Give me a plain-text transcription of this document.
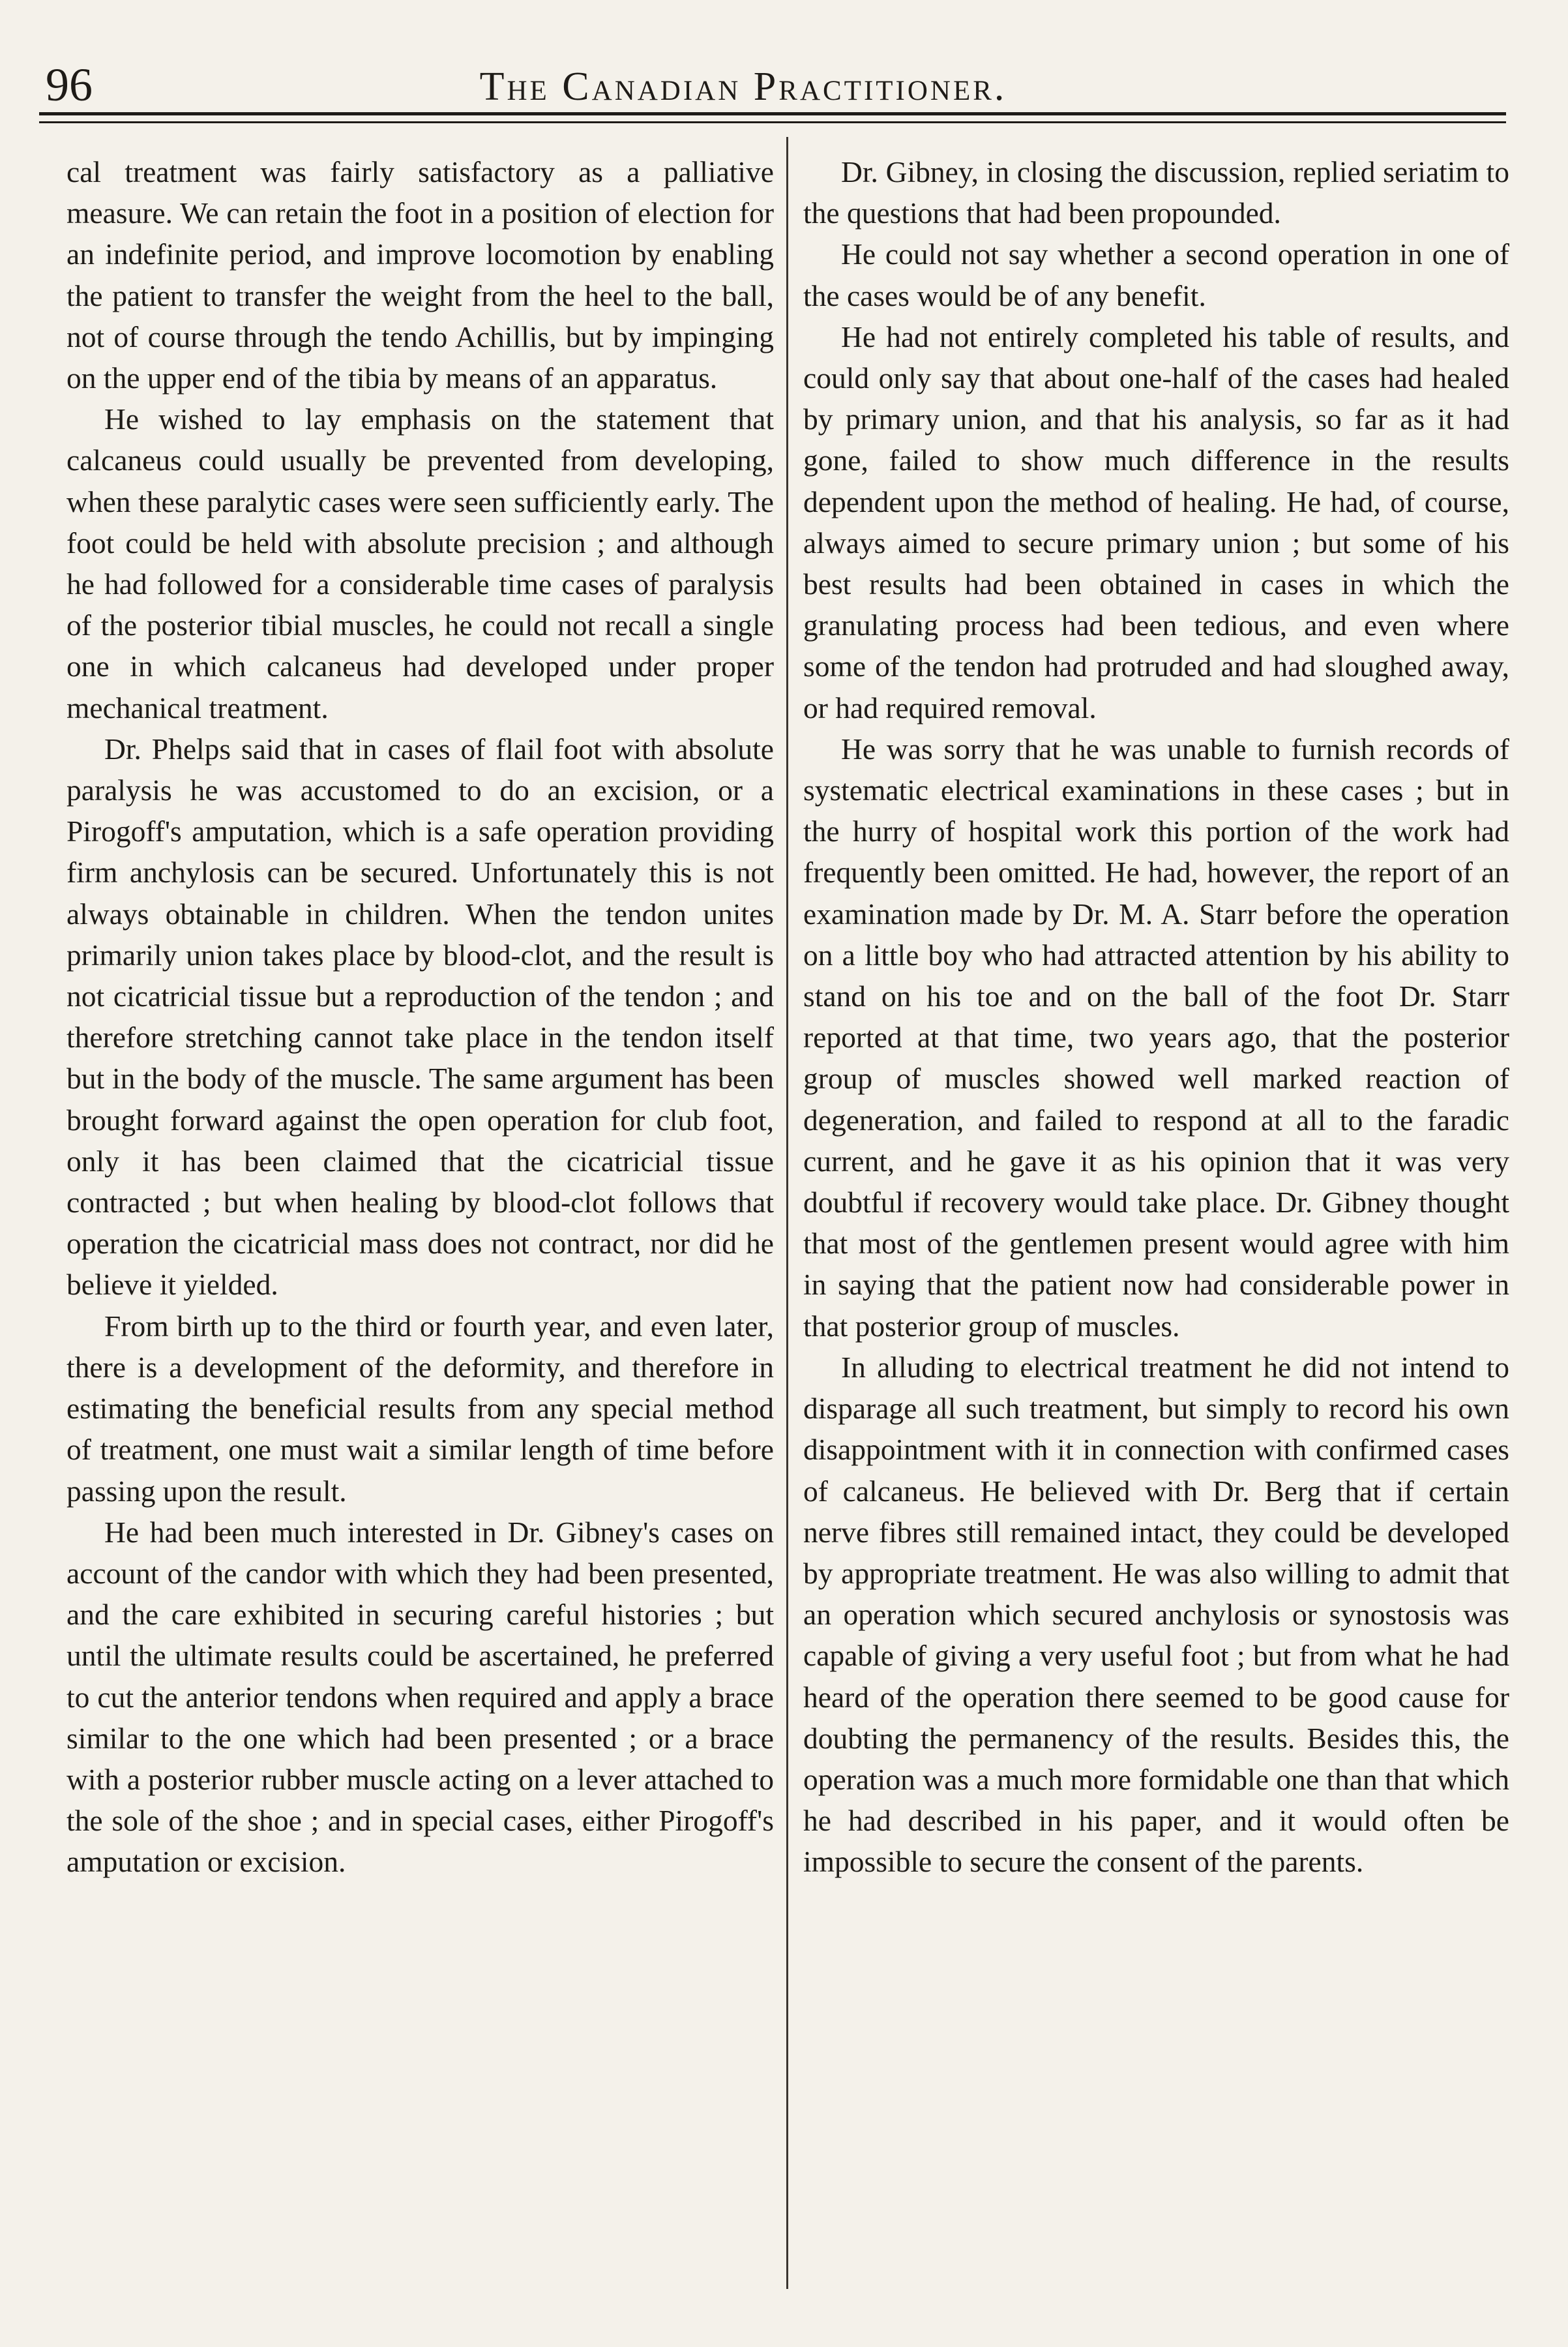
96	The Canadian Practitioner.

cal treatment was fairly satisfactory as a palliative measure. We can retain the foot in a position of election for an indefinite period, and improve locomotion by enabling the patient to transfer the weight from the heel to the ball, not of course through the tendo Achillis, but by impinging on the upper end of the tibia by means of an apparatus.

He wished to lay emphasis on the statement that calcaneus could usually be prevented from developing, when these paralytic cases were seen sufficiently early. The foot could be held with absolute precision ; and although he had followed for a considerable time cases of paralysis of the posterior tibial muscles, he could not recall a single one in which calcaneus had developed under proper mechanical treatment.

Dr. Phelps said that in cases of flail foot with absolute paralysis he was accustomed to do an excision, or a Pirogoff's amputation, which is a safe operation providing firm anchylosis can be secured. Unfortunately this is not always obtainable in children. When the tendon unites primarily union takes place by blood-clot, and the result is not cicatricial tissue but a reproduction of the tendon ; and therefore stretching cannot take place in the tendon itself but in the body of the muscle. The same argument has been brought forward against the open operation for club foot, only it has been claimed that the cicatricial tissue contracted ; but when healing by blood-clot follows that operation the cicatricial mass does not contract, nor did he believe it yielded.

From birth up to the third or fourth year, and even later, there is a development of the deformity, and therefore in estimating the beneficial results from any special method of treatment, one must wait a similar length of time before passing upon the result.

He had been much interested in Dr. Gibney's cases on account of the candor with which they had been presented, and the care exhibited in securing careful histories ; but until the ultimate results could be ascertained, he preferred to cut the anterior tendons when required and apply a brace similar to the one which had been presented ; or a brace with a posterior rubber muscle acting on a lever attached to the sole of the shoe ; and in special cases, either Pirogoff's amputation or excision.

Dr. Gibney, in closing the discussion, replied seriatim to the questions that had been propounded.

He could not say whether a second operation in one of the cases would be of any benefit.

He had not entirely completed his table of results, and could only say that about one-half of the cases had healed by primary union, and that his analysis, so far as it had gone, failed to show much difference in the results dependent upon the method of healing. He had, of course, always aimed to secure primary union ; but some of his best results had been obtained in cases in which the granulating process had been tedious, and even where some of the tendon had protruded and had sloughed away, or had required removal.

He was sorry that he was unable to furnish records of systematic electrical examinations in these cases ; but in the hurry of hospital work this portion of the work had frequently been omitted. He had, however, the report of an examination made by Dr. M. A. Starr before the operation on a little boy who had attracted attention by his ability to stand on his toe and on the ball of the foot Dr. Starr reported at that time, two years ago, that the posterior group of muscles showed well marked reaction of degeneration, and failed to respond at all to the faradic current, and he gave it as his opinion that it was very doubtful if recovery would take place. Dr. Gibney thought that most of the gentlemen present would agree with him in saying that the patient now had considerable power in that posterior group of muscles.

In alluding to electrical treatment he did not intend to disparage all such treatment, but simply to record his own disappointment with it in connection with confirmed cases of calcaneus. He believed with Dr. Berg that if certain nerve fibres still remained intact, they could be developed by appropriate treatment. He was also willing to admit that an operation which secured anchylosis or synostosis was capable of giving a very useful foot ; but from what he had heard of the operation there seemed to be good cause for doubting the permanency of the results. Besides this, the operation was a much more formidable one than that which he had described in his paper, and it would often be impossible to secure the consent of the parents.
